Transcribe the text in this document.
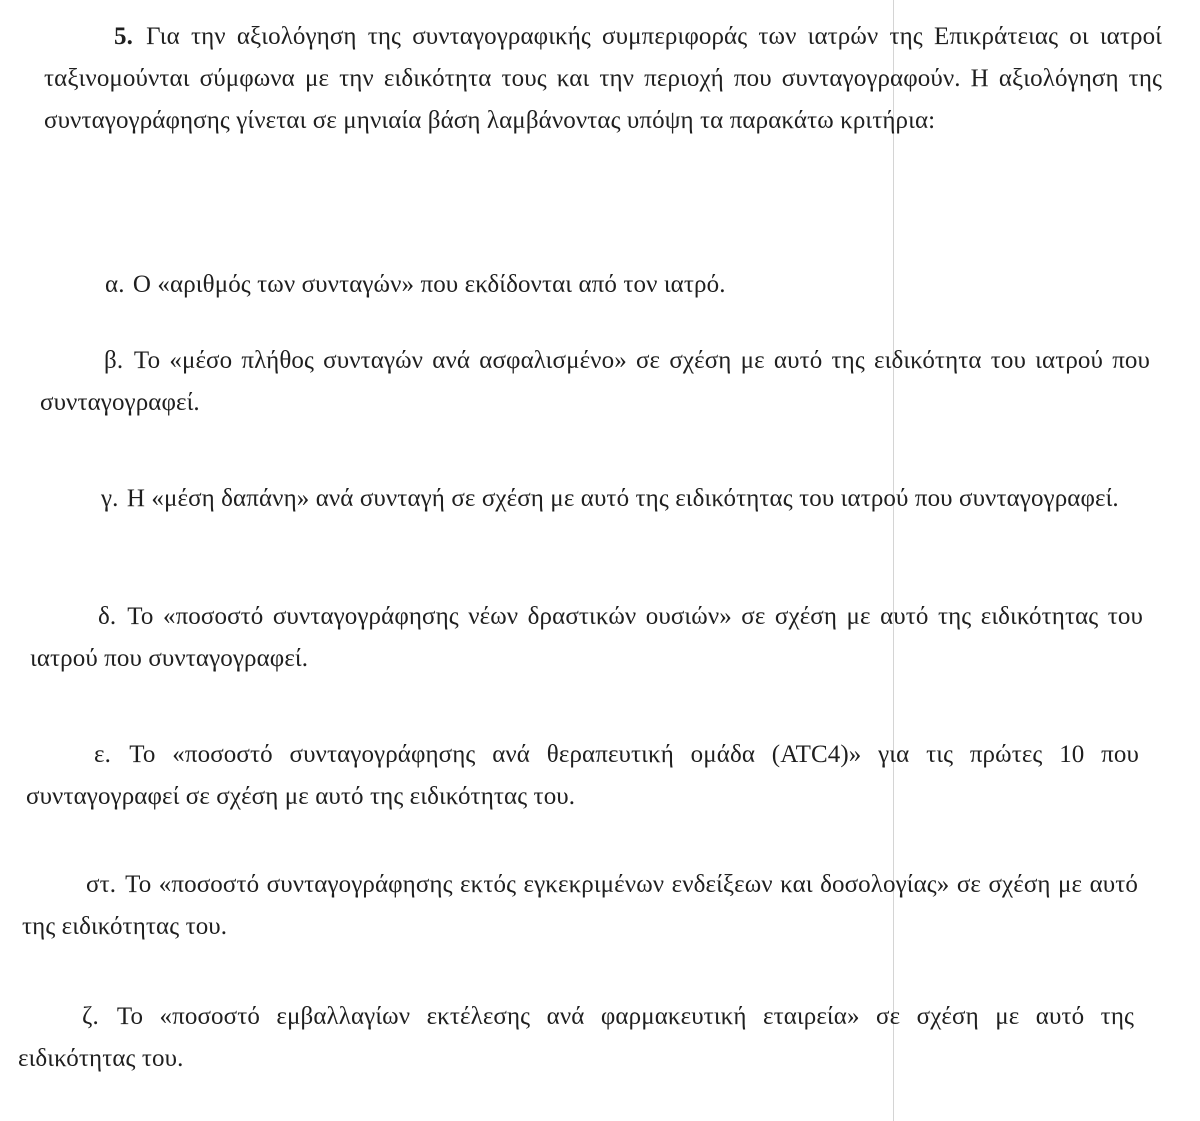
5. Για την αξιολόγηση της συνταγογραφικής συμπεριφοράς των ιατρών της Επικράτειας οι ιατροί ταξινομούνται σύμφωνα με την ειδικότητα τους και την περιοχή που συνταγογραφούν. Η αξιολόγηση της συνταγογράφησης γίνεται σε μηνιαία βάση λαμβάνοντας υπόψη τα παρακάτω κριτήρια:

α. Ο «αριθμός των συνταγών» που εκδίδονται από τον ιατρό.

β. Το «μέσο πλήθος συνταγών ανά ασφαλισμένο» σε σχέση με αυτό της ειδικότητα του ιατρού που συνταγογραφεί.

γ. Η «μέση δαπάνη» ανά συνταγή σε σχέση με αυτό της ειδικότητας του ιατρού που συνταγογραφεί.

δ. Το «ποσοστό συνταγογράφησης νέων δραστικών ουσιών» σε σχέση με αυτό της ειδικότητας του ιατρού που συνταγογραφεί.

ε. Το «ποσοστό συνταγογράφησης ανά θεραπευτική ομάδα (ATC4)» για τις πρώτες 10 που συνταγογραφεί σε σχέση με αυτό της ειδικότητας του.

στ. Το «ποσοστό συνταγογράφησης εκτός εγκεκριμένων ενδείξεων και δοσολογίας» σε σχέση με αυτό της ειδικότητας του.

ζ. Το «ποσοστό εμβαλλαγίων εκτέλεσης ανά φαρμακευτική εταιρεία» σε σχέση με αυτό της ειδικότητας του.
